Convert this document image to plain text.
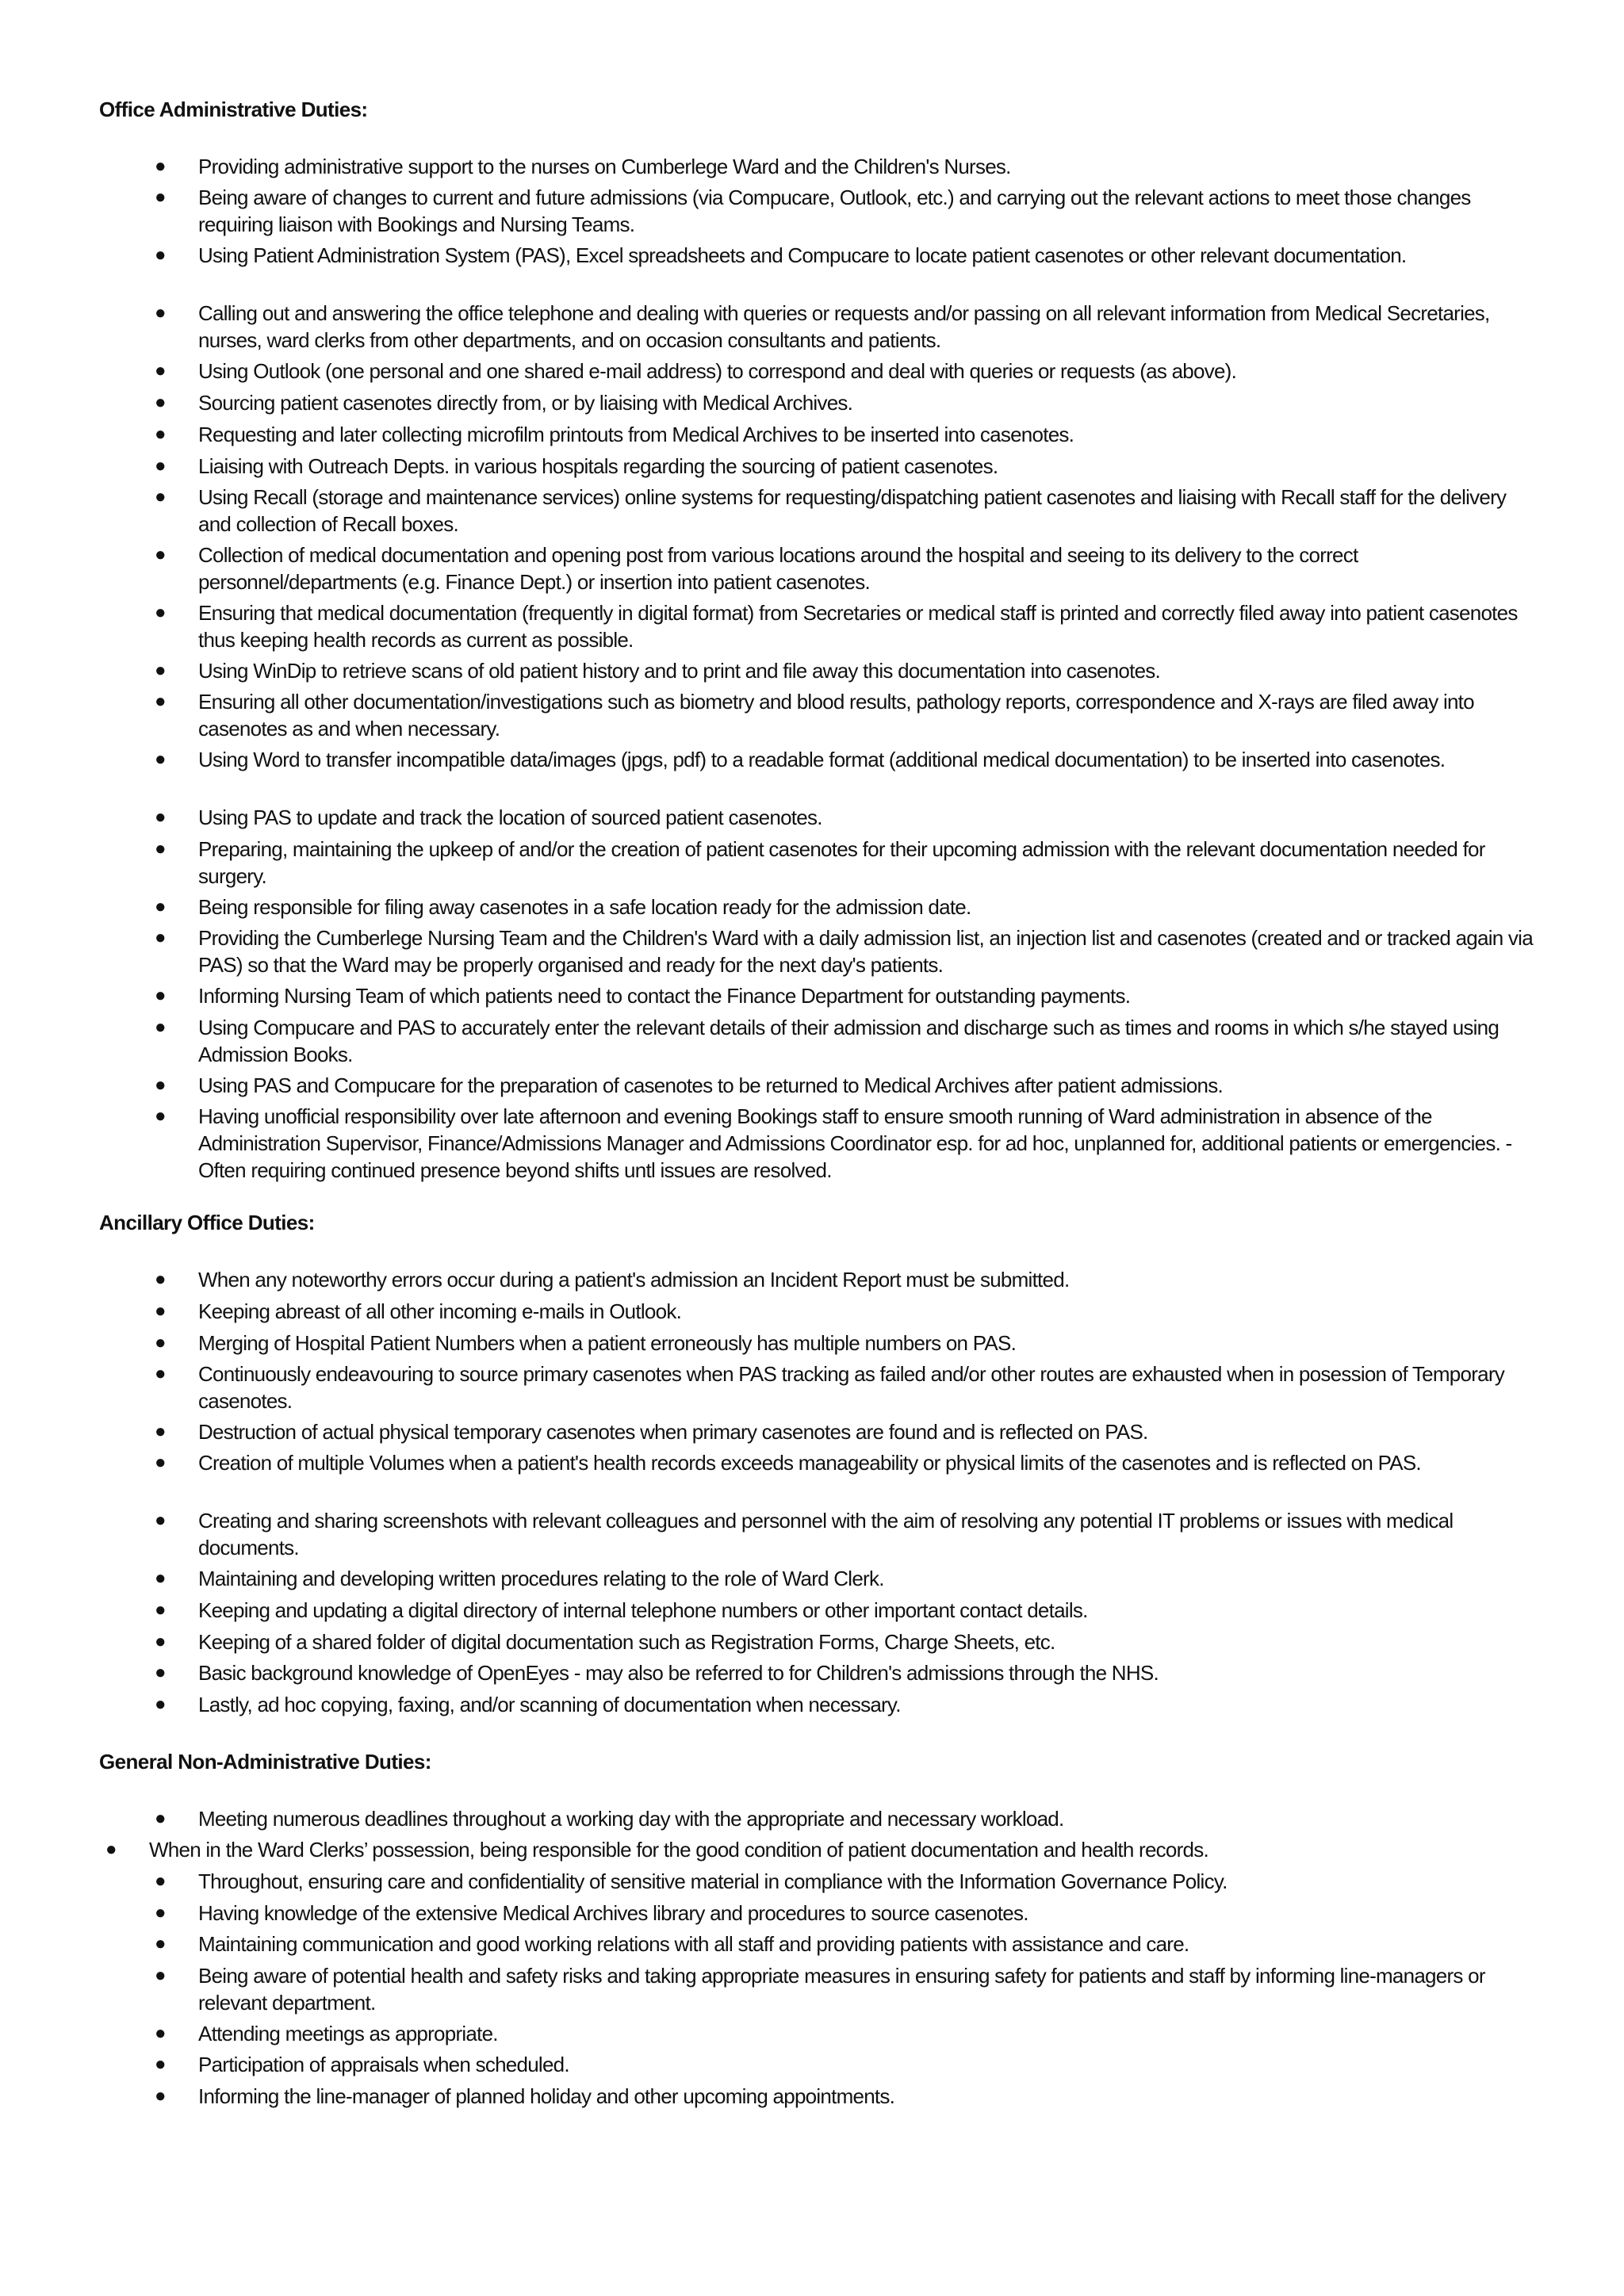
Office Administrative Duties:
Ancillary Office Duties:
General Non-Administrative Duties:
● Providing administrative support to the nurses on Cumberlege Ward and the Children's Nurses.
● Being aware of changes to current and future admissions (via Compucare, Outlook, etc.) and carrying out the relevant actions to meet those changes requiring liaison with Bookings and Nursing Teams.
● Using Patient Administration System (PAS), Excel spreadsheets and Compucare to locate patient casenotes or other relevant documentation.
● Calling out and answering the office telephone and dealing with queries or requests and/or passing on all relevant information from Medical Secretaries, nurses, ward clerks from other departments, and on occasion consultants and patients.
● Using Outlook (one personal and one shared e-mail address) to correspond and deal with queries or requests (as above).
● Sourcing patient casenotes directly from, or by liaising with Medical Archives.
● Requesting and later collecting microfilm printouts from Medical Archives to be inserted into casenotes.
● Liaising with Outreach Depts. in various hospitals regarding the sourcing of patient casenotes.
● Using Recall (storage and maintenance services) online systems for requesting/dispatching patient casenotes and liaising with Recall staff for the delivery and collection of Recall boxes.
● Collection of medical documentation and opening post from various locations around the hospital and seeing to its delivery to the correct personnel/departments (e.g. Finance Dept.) or insertion into patient casenotes.
● Ensuring that medical documentation (frequently in digital format) from Secretaries or medical staff is printed and correctly filed away into patient casenotes thus keeping health records as current as possible.
● Using WinDip to retrieve scans of old patient history and to print and file away this documentation into casenotes.
● Ensuring all other documentation/investigations such as biometry and blood results, pathology reports, correspondence and X-rays are filed away into casenotes as and when necessary.
● Using Word to transfer incompatible data/images (jpgs, pdf) to a readable format (additional medical documentation) to be inserted into casenotes.
● Using PAS to update and track the location of sourced patient casenotes.
● Preparing, maintaining the upkeep of and/or the creation of patient casenotes for their upcoming admission with the relevant documentation needed for surgery.
● Being responsible for filing away casenotes in a safe location ready for the admission date.
● Providing the Cumberlege Nursing Team and the Children's Ward with a daily admission list, an injection list and casenotes (created and or tracked again via PAS) so that the Ward may be properly organised and ready for the next day's patients.
● Informing Nursing Team of which patients need to contact the Finance Department for outstanding payments.
● Using Compucare and PAS to accurately enter the relevant details of their admission and discharge such as times and rooms in which s/he stayed using Admission Books.
● Using PAS and Compucare for the preparation of casenotes to be returned to Medical Archives after patient admissions.
● Having unofficial responsibility over late afternoon and evening Bookings staff to ensure smooth running of Ward administration in absence of the Administration Supervisor, Finance/Admissions Manager and Admissions Coordinator esp. for ad hoc, unplanned for, additional patients or emergencies. - Often requiring continued presence beyond shifts untl issues are resolved.
● When any noteworthy errors occur during a patient's admission an Incident Report must be submitted.
● Keeping abreast of all other incoming e-mails in Outlook.
● Merging of Hospital Patient Numbers when a patient erroneously has multiple numbers on PAS.
● Continuously endeavouring to source primary casenotes when PAS tracking as failed and/or other routes are exhausted when in posession of Temporary casenotes.
● Destruction of actual physical temporary casenotes when primary casenotes are found and is reflected on PAS.
● Creation of multiple Volumes when a patient's health records exceeds manageability or physical limits of the casenotes and is reflected on PAS.
● Creating and sharing screenshots with relevant colleagues and personnel with the aim of resolving any potential IT problems or issues with medical documents.
● Maintaining and developing written procedures relating to the role of Ward Clerk.
● Keeping and updating a digital directory of internal telephone numbers or other important contact details.
● Keeping of a shared folder of digital documentation such as Registration Forms, Charge Sheets, etc.
● Basic background knowledge of OpenEyes - may also be referred to for Children's admissions through the NHS.
● Lastly, ad hoc copying, faxing, and/or scanning of documentation when necessary.
● Meeting numerous deadlines throughout a working day with the appropriate and necessary workload.
● When in the Ward Clerks’ possession, being responsible for the good condition of patient documentation and health records.
● Throughout, ensuring care and confidentiality of sensitive material in compliance with the Information Governance Policy.
● Having knowledge of the extensive Medical Archives library and procedures to source casenotes.
● Maintaining communication and good working relations with all staff and providing patients with assistance and care.
● Being aware of potential health and safety risks and taking appropriate measures in ensuring safety for patients and staff by informing line-managers or relevant department.
● Attending meetings as appropriate.
● Participation of appraisals when scheduled.
● Informing the line-manager of planned holiday and other upcoming appointments.
